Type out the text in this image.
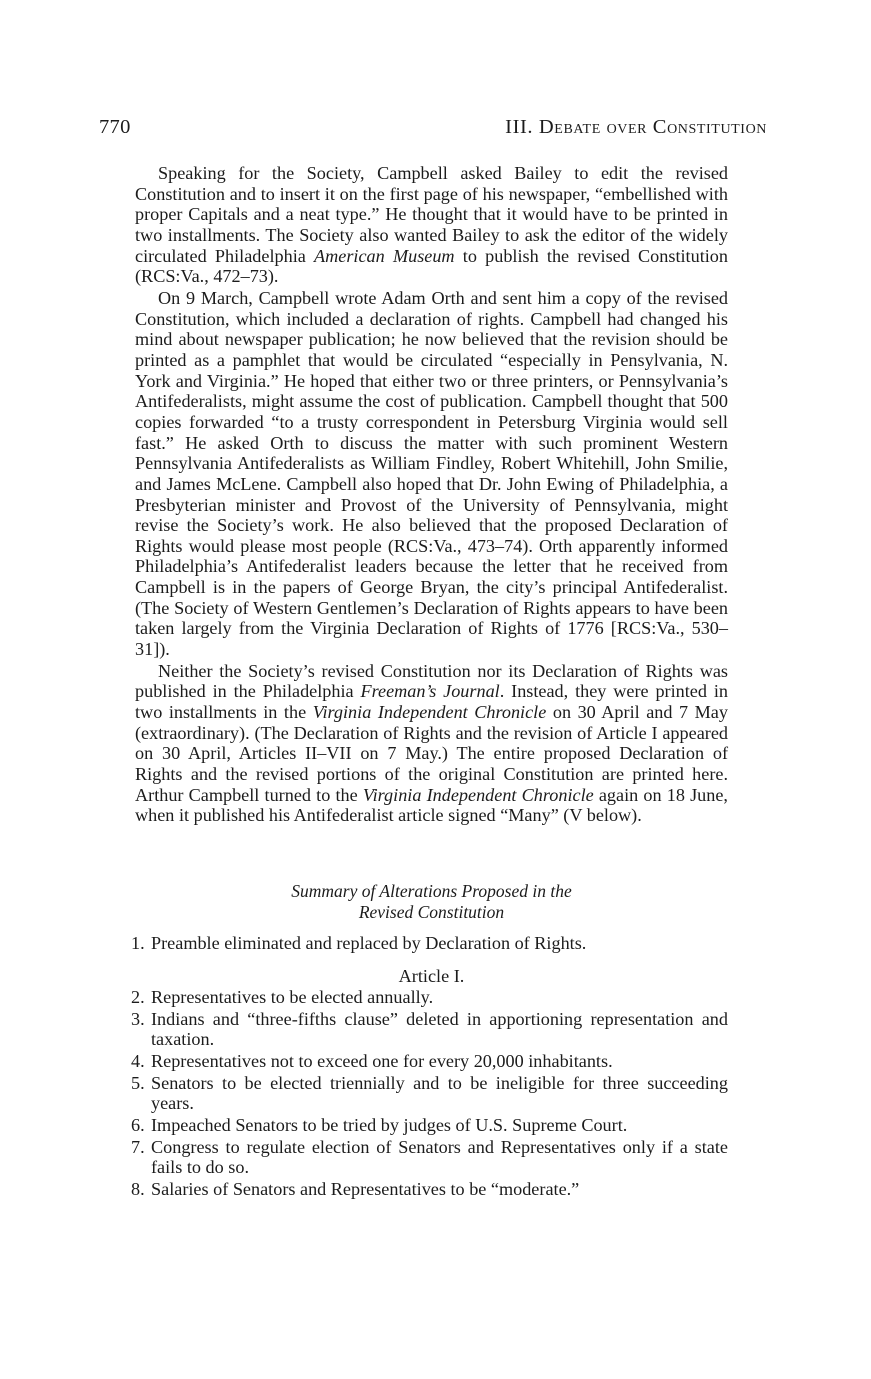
770	III. Debate over Constitution

Speaking for the Society, Campbell asked Bailey to edit the revised Constitution and to insert it on the first page of his newspaper, “embellished with proper Capitals and a neat type.” He thought that it would have to be printed in two installments. The Society also wanted Bailey to ask the editor of the widely circulated Philadelphia American Museum to publish the revised Constitution (RCS:Va., 472–73).

On 9 March, Campbell wrote Adam Orth and sent him a copy of the revised Constitution, which included a declaration of rights. Campbell had changed his mind about newspaper publication; he now believed that the revision should be printed as a pamphlet that would be circulated “especially in Pensylvania, N. York and Virginia.” He hoped that either two or three printers, or Pennsylvania’s Antifederalists, might assume the cost of publication. Campbell thought that 500 copies forwarded “to a trusty correspondent in Petersburg Virginia would sell fast.” He asked Orth to discuss the matter with such prominent Western Pennsylvania Antifederalists as William Findley, Robert Whitehill, John Smilie, and James McLene. Campbell also hoped that Dr. John Ewing of Philadelphia, a Presbyterian minister and Provost of the University of Pennsylvania, might revise the Society’s work. He also believed that the proposed Declaration of Rights would please most people (RCS:Va., 473–74). Orth apparently informed Philadelphia’s Antifederalist leaders because the letter that he received from Campbell is in the papers of George Bryan, the city’s principal Antifederalist. (The Society of Western Gentlemen’s Declaration of Rights appears to have been taken largely from the Virginia Declaration of Rights of 1776 [RCS:Va., 530–31]).

Neither the Society’s revised Constitution nor its Declaration of Rights was published in the Philadelphia Freeman’s Journal. Instead, they were printed in two installments in the Virginia Independent Chronicle on 30 April and 7 May (extraordinary). (The Declaration of Rights and the revision of Article I appeared on 30 April, Articles II–VII on 7 May.) The entire proposed Declaration of Rights and the revised portions of the original Constitution are printed here. Arthur Campbell turned to the Virginia Independent Chronicle again on 18 June, when it published his Antifederalist article signed “Many” (V below).

Summary of Alterations Proposed in the
Revised Constitution
1. Preamble eliminated and replaced by Declaration of Rights.
Article I.
2. Representatives to be elected annually.
3. Indians and “three-fifths clause” deleted in apportioning representation and taxation.
4. Representatives not to exceed one for every 20,000 inhabitants.
5. Senators to be elected triennially and to be ineligible for three succeeding years.
6. Impeached Senators to be tried by judges of U.S. Supreme Court.
7. Congress to regulate election of Senators and Representatives only if a state fails to do so.
8. Salaries of Senators and Representatives to be “moderate.”
